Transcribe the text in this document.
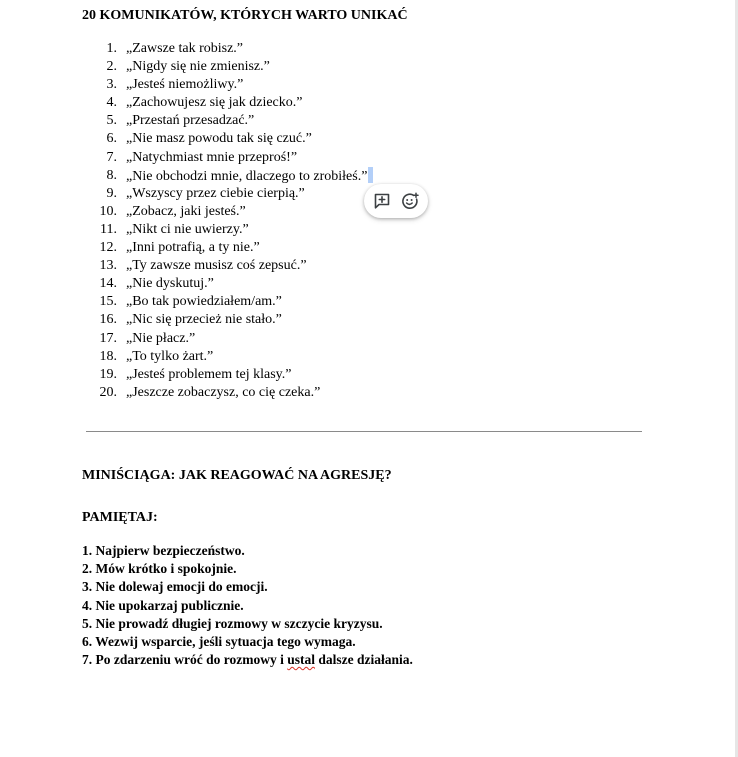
20 KOMUNIKATÓW, KTÓRYCH WARTO UNIKAĆ
1. „Zawsze tak robisz.”
2. „Nigdy się nie zmienisz.”
3. „Jesteś niemożliwy.”
4. „Zachowujesz się jak dziecko.”
5. „Przestań przesadzać.”
6. „Nie masz powodu tak się czuć.”
7. „Natychmiast mnie przeproś!”
8. „Nie obchodzi mnie, dlaczego to zrobiłeś.”
9. „Wszyscy przez ciebie cierpią.”
10. „Zobacz, jaki jesteś.”
11. „Nikt ci nie uwierzy.”
12. „Inni potrafią, a ty nie.”
13. „Ty zawsze musisz coś zepsuć.”
14. „Nie dyskutuj.”
15. „Bo tak powiedziałem/am.”
16. „Nic się przecież nie stało.”
17. „Nie płacz.”
18. „To tylko żart.”
19. „Jesteś problemem tej klasy.”
20. „Jeszcze zobaczysz, co cię czeka.”
MINIŚCIĄGA: JAK REAGOWAĆ NA AGRESJĘ?
PAMIĘTAJ:
1. Najpierw bezpieczeństwo.
2. Mów krótko i spokojnie.
3. Nie dolewaj emocji do emocji.
4. Nie upokarzaj publicznie.
5. Nie prowadź długiej rozmowy w szczycie kryzysu.
6. Wezwij wsparcie, jeśli sytuacja tego wymaga.
7. Po zdarzeniu wróć do rozmowy i ustal dalsze działania.
